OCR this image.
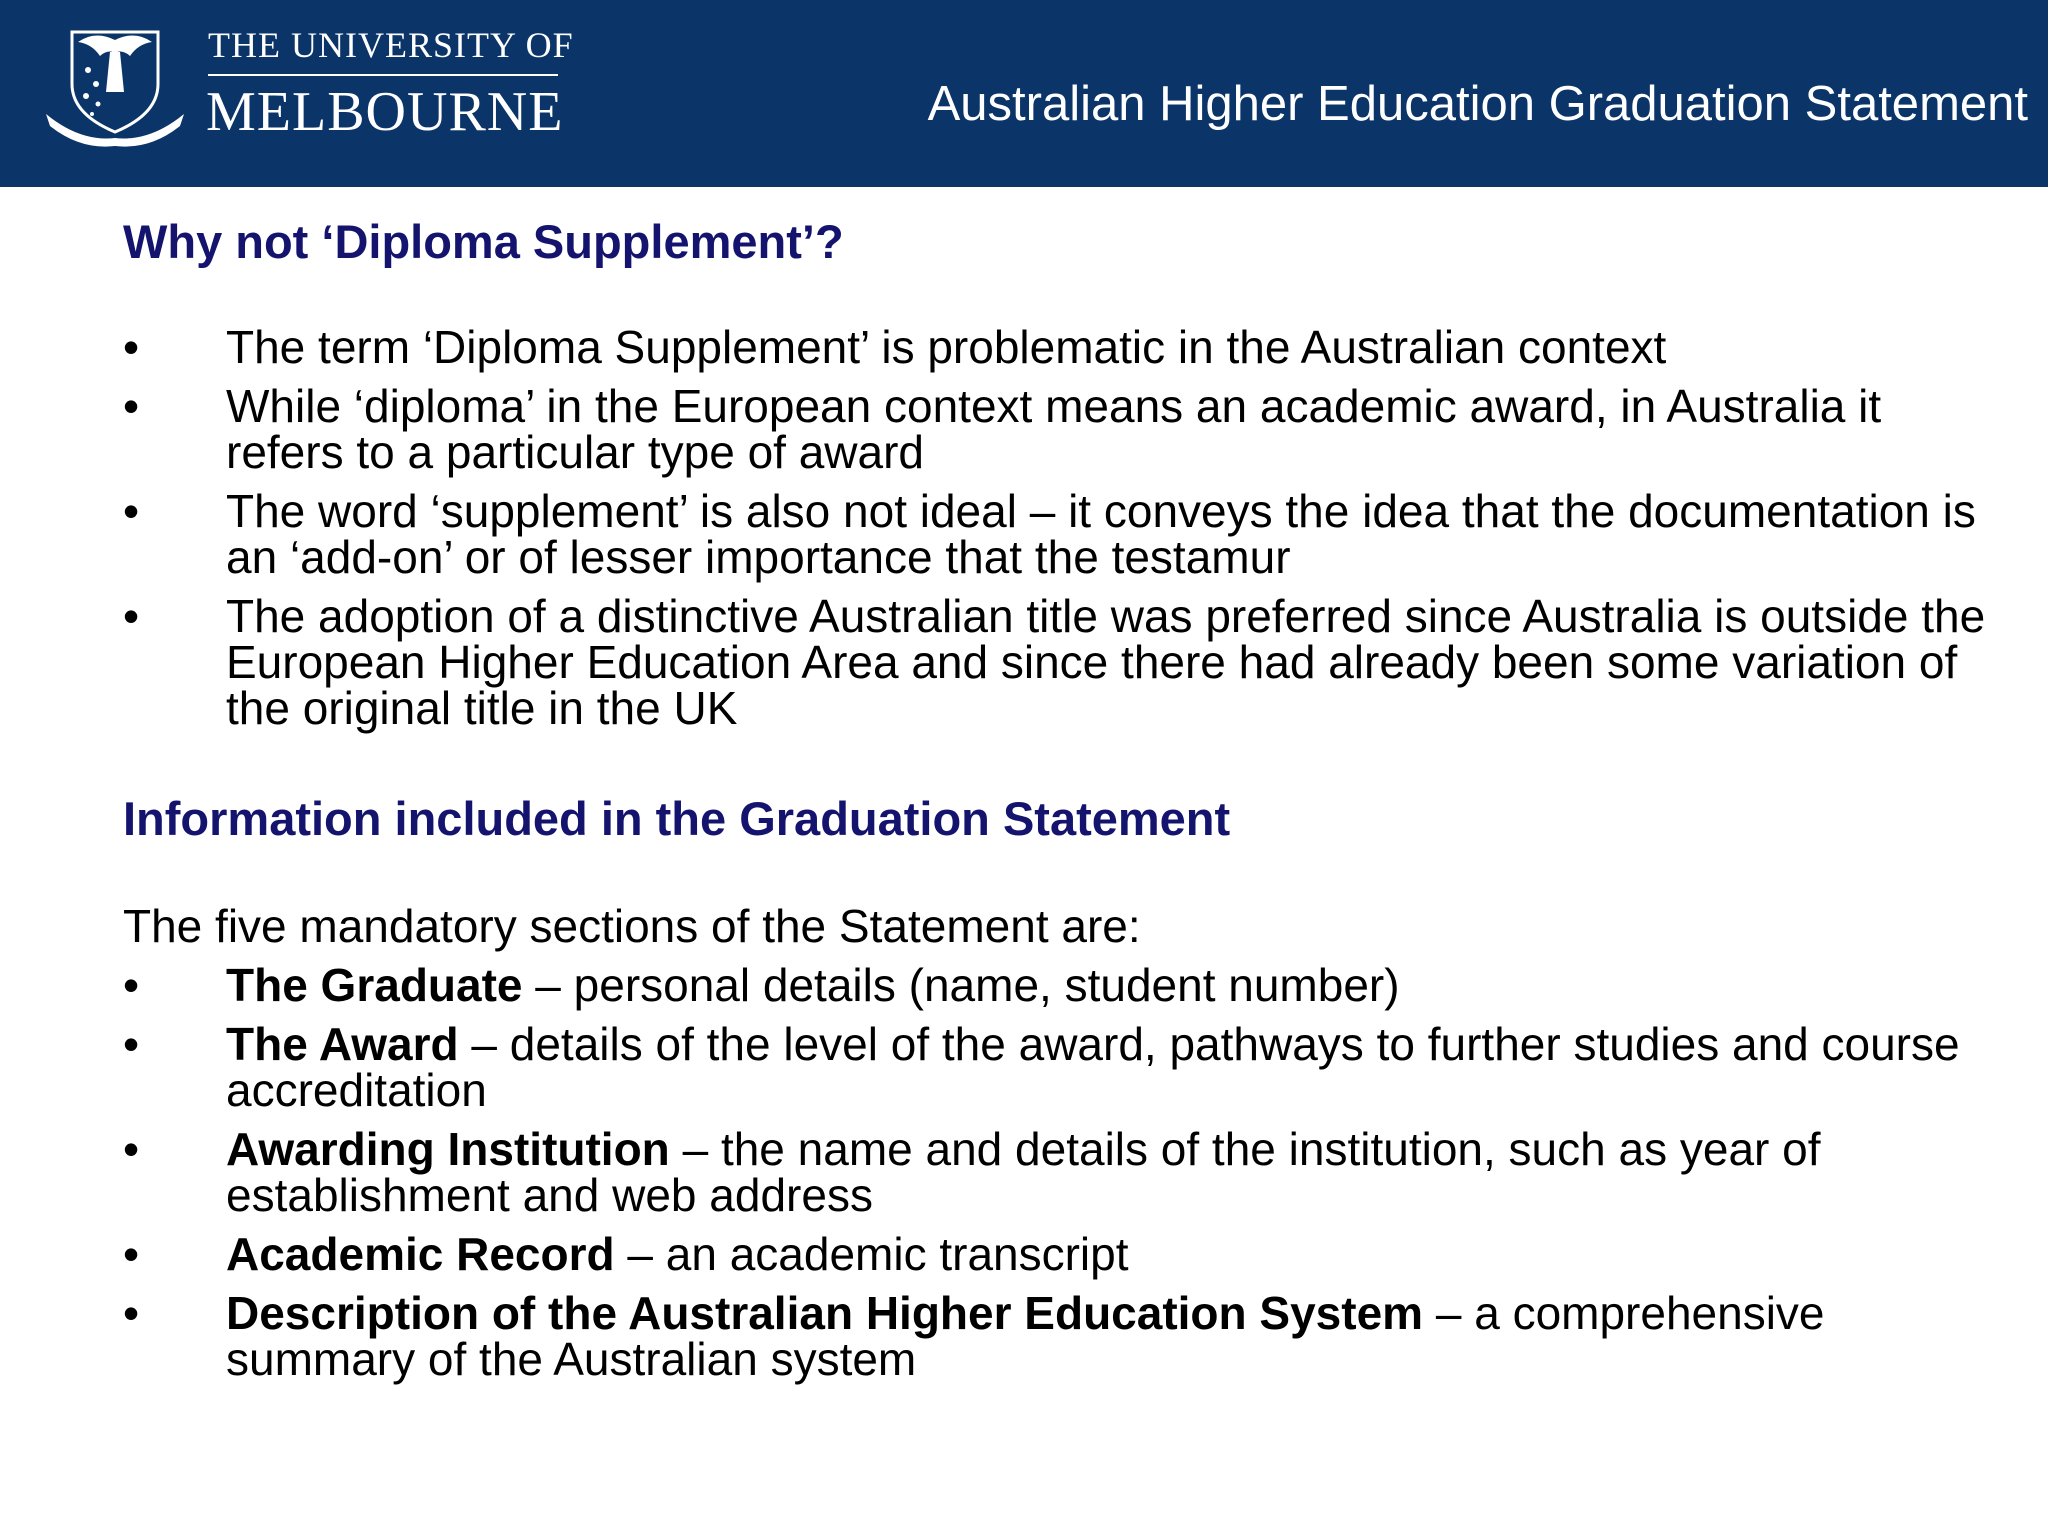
THE UNIVERSITY OF
MELBOURNE	Australian Higher Education Graduation Statement
Why not ‘Diploma Supplement’?
•	The term ‘Diploma Supplement’ is problematic in the Australian context
•	While ‘diploma’ in the European context means an academic award, in Australia it refers to a particular type of award
•	The word ‘supplement’ is also not ideal – it conveys the idea that the documentation is an ‘add-on’ or of lesser importance that the testamur
•	The adoption of a distinctive Australian title was preferred since Australia is outside the European Higher Education Area and since there had already been some variation of the original title in the UK
Information included in the Graduation Statement

The five mandatory sections of the Statement are:

•	The Graduate – personal details (name, student number)
•	The Award – details of the level of the award, pathways to further studies and course accreditation
•	Awarding Institution – the name and details of the institution, such as year of establishment and web address
•	Academic Record – an academic transcript
•	Description of the Australian Higher Education System – a comprehensive summary of the Australian system
